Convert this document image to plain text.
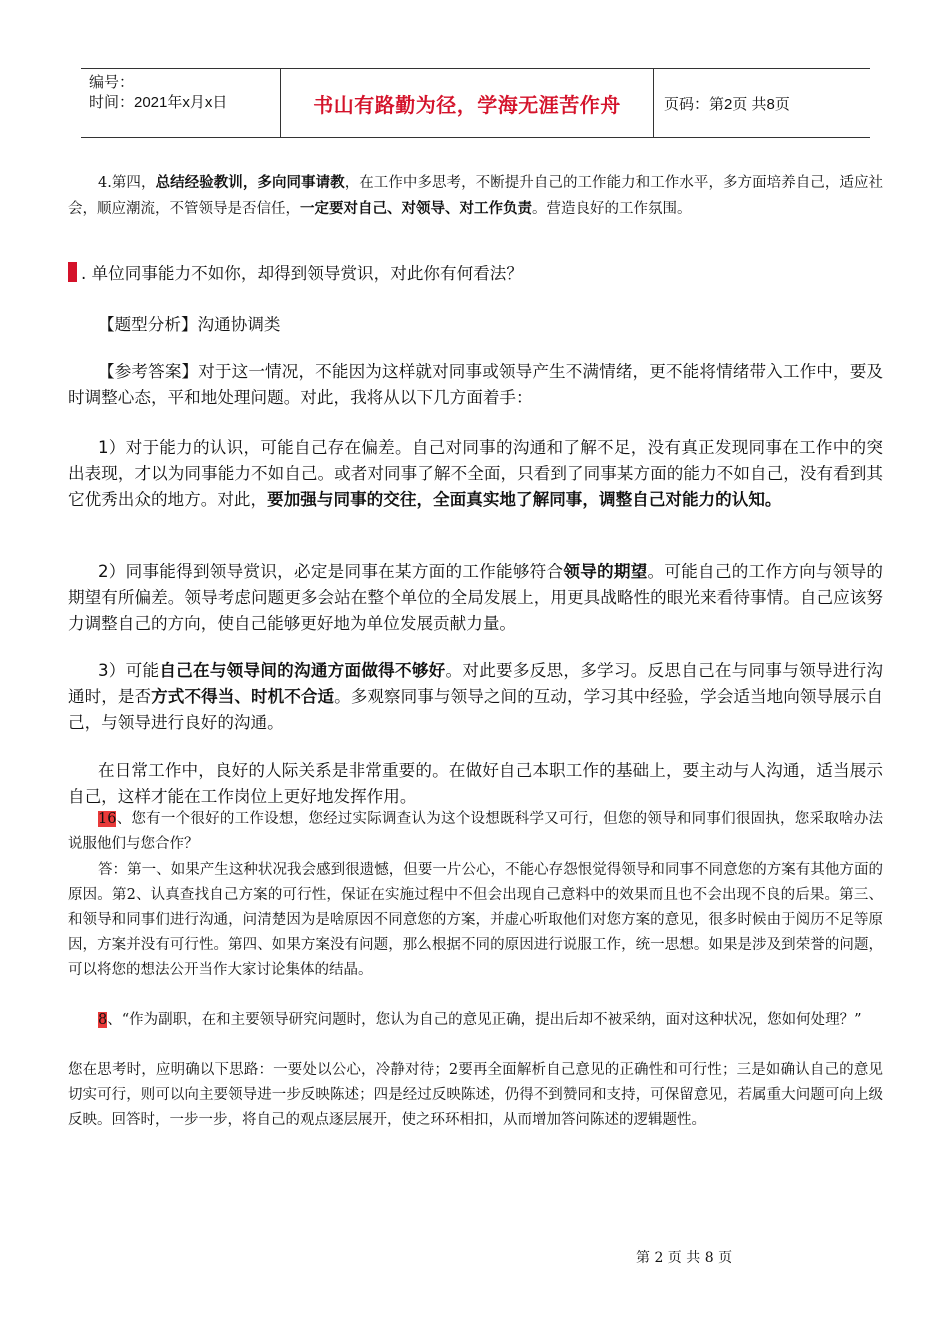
编号：
时间：2021年x月x日	书山有路勤为径，学海无涯苦作舟	页码：第2页 共8页
4.第四，总结经验教训，多向同事请教，在工作中多思考，不断提升自己的工作能力和工作水平，多方面培养自己，适应社会，顺应潮流，不管领导是否信任，一定要对自己、对领导、对工作负责。营造良好的工作氛围。
. 单位同事能力不如你，却得到领导赏识，对此你有何看法？
【题型分析】沟通协调类
【参考答案】对于这一情况，不能因为这样就对同事或领导产生不满情绪，更不能将情绪带入工作中，要及时调整心态，平和地处理问题。对此，我将从以下几方面着手：
1）对于能力的认识，可能自己存在偏差。自己对同事的沟通和了解不足，没有真正发现同事在工作中的突出表现，才以为同事能力不如自己。或者对同事了解不全面，只看到了同事某方面的能力不如自己，没有看到其它优秀出众的地方。对此，要加强与同事的交往，全面真实地了解同事，调整自己对能力的认知。
2）同事能得到领导赏识，必定是同事在某方面的工作能够符合领导的期望。可能自己的工作方向与领导的期望有所偏差。领导考虑问题更多会站在整个单位的全局发展上，用更具战略性的眼光来看待事情。自己应该努力调整自己的方向，使自己能够更好地为单位发展贡献力量。
3）可能自己在与领导间的沟通方面做得不够好。对此要多反思，多学习。反思自己在与同事与领导进行沟通时，是否方式不得当、时机不合适。多观察同事与领导之间的互动，学习其中经验，学会适当地向领导展示自己，与领导进行良好的沟通。
在日常工作中，良好的人际关系是非常重要的。在做好自己本职工作的基础上，要主动与人沟通，适当展示自己，这样才能在工作岗位上更好地发挥作用。
16、您有一个很好的工作设想，您经过实际调查认为这个设想既科学又可行，但您的领导和同事们很固执，您采取啥办法说服他们与您合作？
答：第一、如果产生这种状况我会感到很遗憾，但要一片公心，不能心存怨恨觉得领导和同事不同意您的方案有其他方面的原因。第2、认真查找自己方案的可行性，保证在实施过程中不但会出现自己意料中的效果而且也不会出现不良的后果。第三、和领导和同事们进行沟通，问清楚因为是啥原因不同意您的方案，并虚心听取他们对您方案的意见，很多时候由于阅历不足等原因，方案并没有可行性。第四、如果方案没有问题，那么根据不同的原因进行说服工作，统一思想。如果是涉及到荣誉的问题，可以将您的想法公开当作大家讨论集体的结晶。
8、“作为副职，在和主要领导研究问题时，您认为自己的意见正确，提出后却不被采纳，面对这种状况，您如何处理？”
您在思考时，应明确以下思路：一要处以公心，冷静对待；2要再全面解析自己意见的正确性和可行性；三是如确认自己的意见切实可行，则可以向主要领导进一步反映陈述；四是经过反映陈述，仍得不到赞同和支持，可保留意见，若属重大问题可向上级反映。回答时，一步一步，将自己的观点逐层展开，使之环环相扣，从而增加答问陈述的逻辑题性。
第 2 页 共 8 页
